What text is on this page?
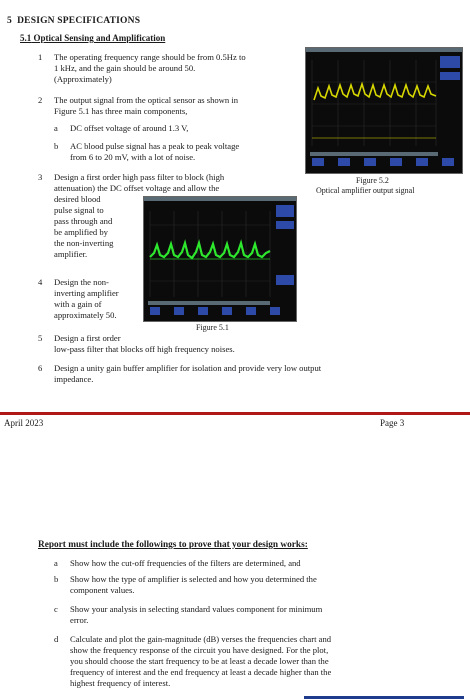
5 DESIGN SPECIFICATIONS
5.1 Optical Sensing and Amplification
1	The operating frequency range should be from 0.5Hz to
1 kHz, and the gain should be around 50.
(Approximately)
2	The output signal from the optical sensor as shown in
Figure 5.1 has three main components,
a DC offset voltage of around 1.3 V,
b AC blood pulse signal has a peak to peak voltage
from 6 to 20 mV, with a lot of noise.
3	Design a first order high pass filter to block (high
attenuation) the DC offset voltage and allow the
desired blood
pulse signal to
pass through and
be amplified by
the non-inverting
amplifier.
4	Design the non-
inverting amplifier
with a gain of
approximately 50.
Figure 5.1
5	Design a first order
low-pass filter that blocks off high frequency noises.
6	Design a unity gain buffer amplifier for isolation and provide very low output
impedance.
Figure 5.2
Optical amplifier output signal
April 2023	Page 3
Report must include the followings to prove that your design works:
a Show how the cut-off frequencies of the filters are determined, and
b Show how the type of amplifier is selected and how you determined the
component values.
c Show your analysis in selecting standard values component for minimum
error.
d Calculate and plot the gain-magnitude (dB) verses the frequencies chart and
show the frequency response of the circuit you have designed. For the plot,
you should choose the start frequency to be at least a decade lower than the
frequency of interest and the end frequency at least a decade higher than the
highest frequency of interest.
